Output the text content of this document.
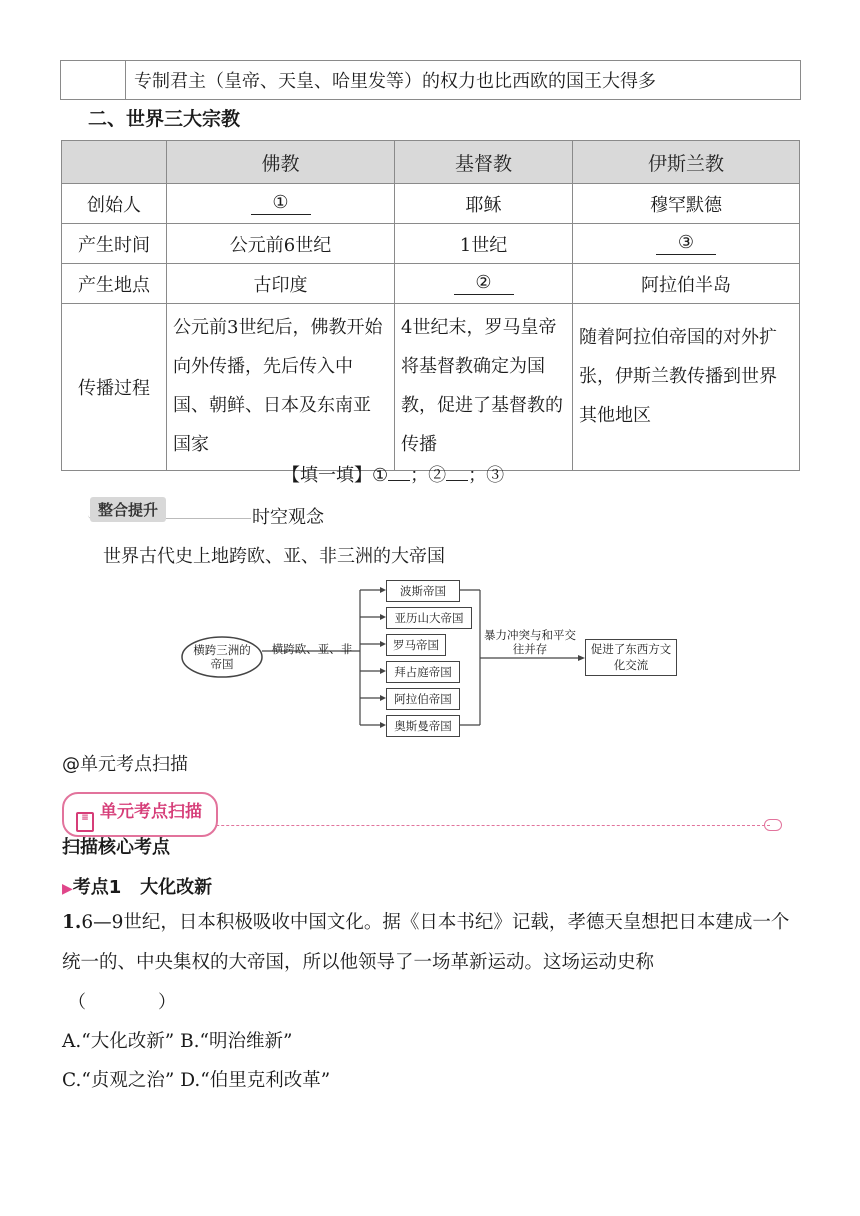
	专制君主（皇帝、天皇、哈里发等）的权力也比西欧的国王大得多
二、世界三大宗教
	佛教	基督教	伊斯兰教
创始人	①	耶稣	穆罕默德
产生时间	公元前6世纪	1世纪	③
产生地点	古印度	②	阿拉伯半岛
传播过程	公元前3世纪后，佛教开始向外传播，先后传入中国、朝鲜、日本及东南亚国家	4世纪末，罗马皇帝将基督教确定为国教，促进了基督教的传播	随着阿拉伯帝国的对外扩张，伊斯兰教传播到世界其他地区
【填一填】① ；② ；③
整合提升	时空观念
世界古代史上地跨欧、亚、非三洲的大帝国
横跨三洲的帝国
横跨欧、亚、非
波斯帝国
亚历山大帝国
罗马帝国
拜占庭帝国
阿拉伯帝国
奥斯曼帝国
暴力冲突与和平交往并存	促进了东西方文化交流
@单元考点扫描
≡ 单元考点扫描
扫描核心考点
▶考点1 大化改新
1.6—9世纪，日本积极吸收中国文化。据《日本书纪》记载，孝德天皇想把日本建成一个统一的、中央集权的大帝国，所以他领导了一场革新运动。这场运动史称
（　　　　）
A.“大化改新” B.“明治维新”
C.“贞观之治” D.“伯里克利改革”
